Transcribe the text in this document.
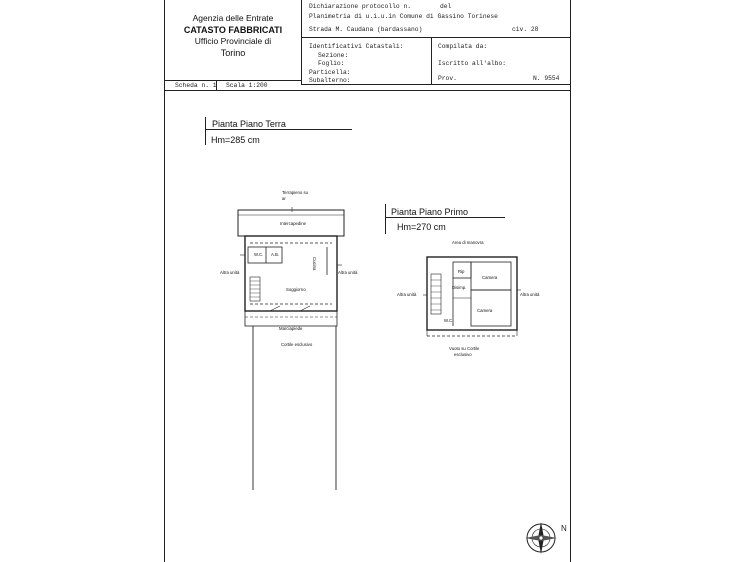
Agenzia delle Entrate
CATASTO FABBRICATI
Ufficio Provinciale di
Torino
Dichiarazione protocollo n.	del
Planimetria di u.i.u.in Comune di Gassino Torinese
Strada M. Caudana (bardassano)	civ. 28
Identificativi Catastali:
Sezione:
Foglio:
Particella:
Subalterno:
Compilata da:
Iscritto all'albo:
Prov.	N. 9554
Scheda n. 1 Scala 1:200
Pianta Piano Terra
Hm=285 cm
Pianta Piano Primo
Hm=270 cm
Terrapieno su
ar
Intercapedine
W.C. A.B.
Soggiorno
Cucina
Altra unità	Altra unità
Marciapiede
Cortile esclusivo
Area di manovra
Rip
Camera
Disimp.
Camera
W.C.
Altra unità	Altra unità
Vuoto su Cortile
esclusivo
N
